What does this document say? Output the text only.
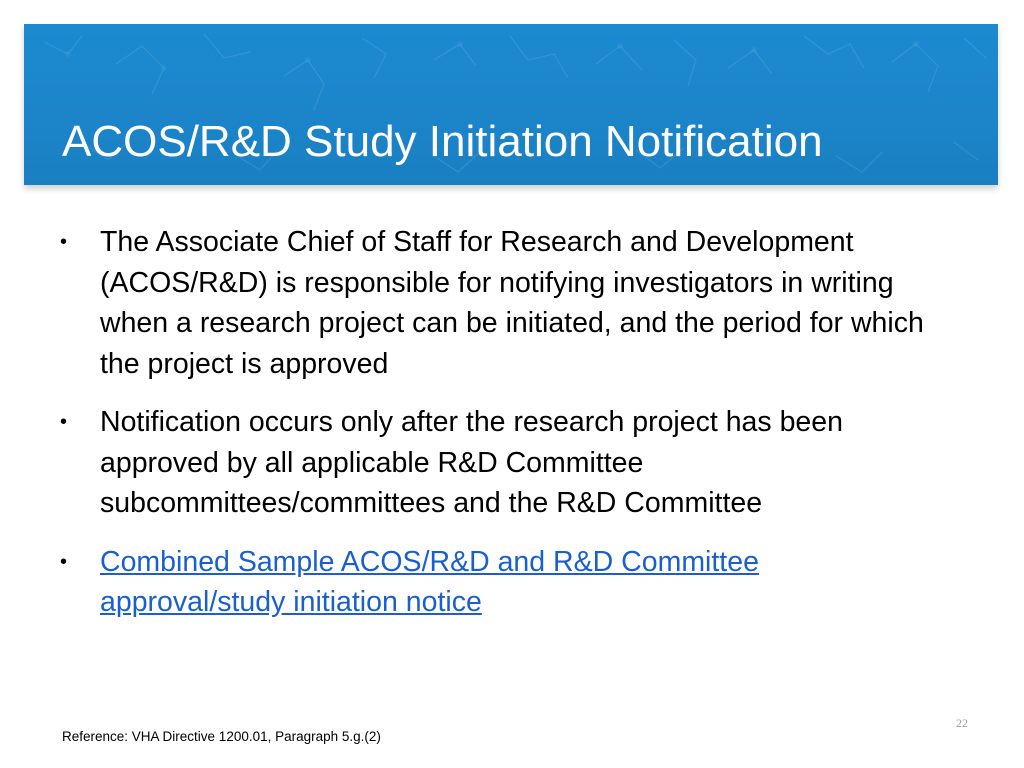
ACOS/R&D Study Initiation Notification
• The Associate Chief of Staff for Research and Development (ACOS/R&D) is responsible for notifying investigators in writing when a research project can be initiated, and the period for which the project is approved
• Notification occurs only after the research project has been approved by all applicable R&D Committee subcommittees/committees and the R&D Committee
• Combined Sample ACOS/R&D and R&D Committee approval/study initiation notice
22
Reference: VHA Directive 1200.01, Paragraph 5.g.(2)
